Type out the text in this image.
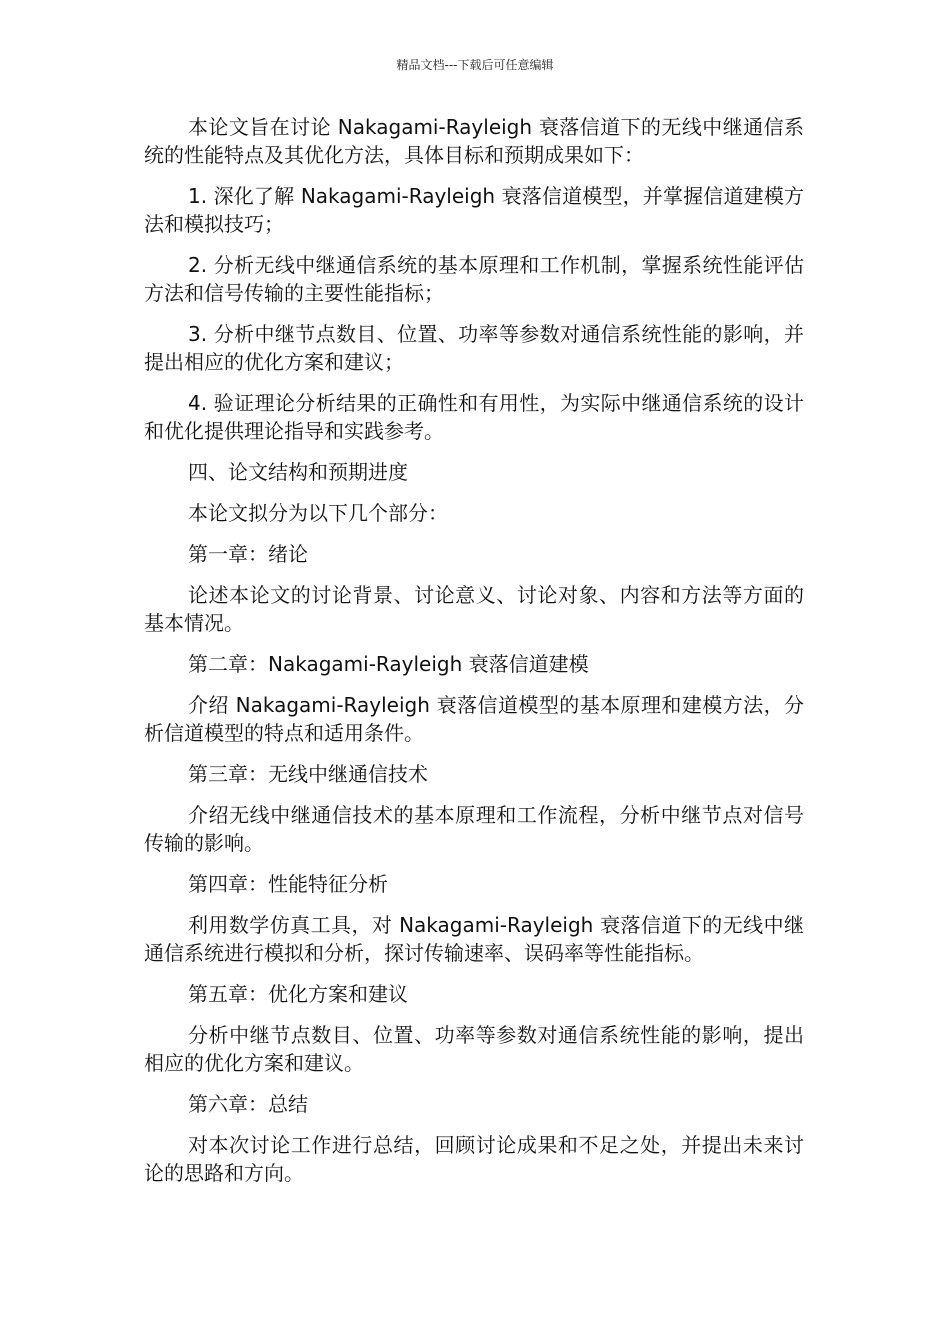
精品文档---下载后可任意编辑

本论文旨在讨论 Nakagami-Rayleigh 衰落信道下的无线中继通信系统的性能特点及其优化方法，具体目标和预期成果如下：

1. 深化了解 Nakagami-Rayleigh 衰落信道模型，并掌握信道建模方法和模拟技巧；

2. 分析无线中继通信系统的基本原理和工作机制，掌握系统性能评估方法和信号传输的主要性能指标；

3. 分析中继节点数目、位置、功率等参数对通信系统性能的影响，并提出相应的优化方案和建议；

4. 验证理论分析结果的正确性和有用性，为实际中继通信系统的设计和优化提供理论指导和实践参考。

四、论文结构和预期进度

本论文拟分为以下几个部分：

第一章：绪论

论述本论文的讨论背景、讨论意义、讨论对象、内容和方法等方面的基本情况。

第二章：Nakagami-Rayleigh 衰落信道建模

介绍 Nakagami-Rayleigh 衰落信道模型的基本原理和建模方法，分析信道模型的特点和适用条件。

第三章：无线中继通信技术

介绍无线中继通信技术的基本原理和工作流程，分析中继节点对信号传输的影响。

第四章：性能特征分析

利用数学仿真工具，对 Nakagami-Rayleigh 衰落信道下的无线中继通信系统进行模拟和分析，探讨传输速率、误码率等性能指标。

第五章：优化方案和建议

分析中继节点数目、位置、功率等参数对通信系统性能的影响，提出相应的优化方案和建议。

第六章：总结

对本次讨论工作进行总结，回顾讨论成果和不足之处，并提出未来讨论的思路和方向。
